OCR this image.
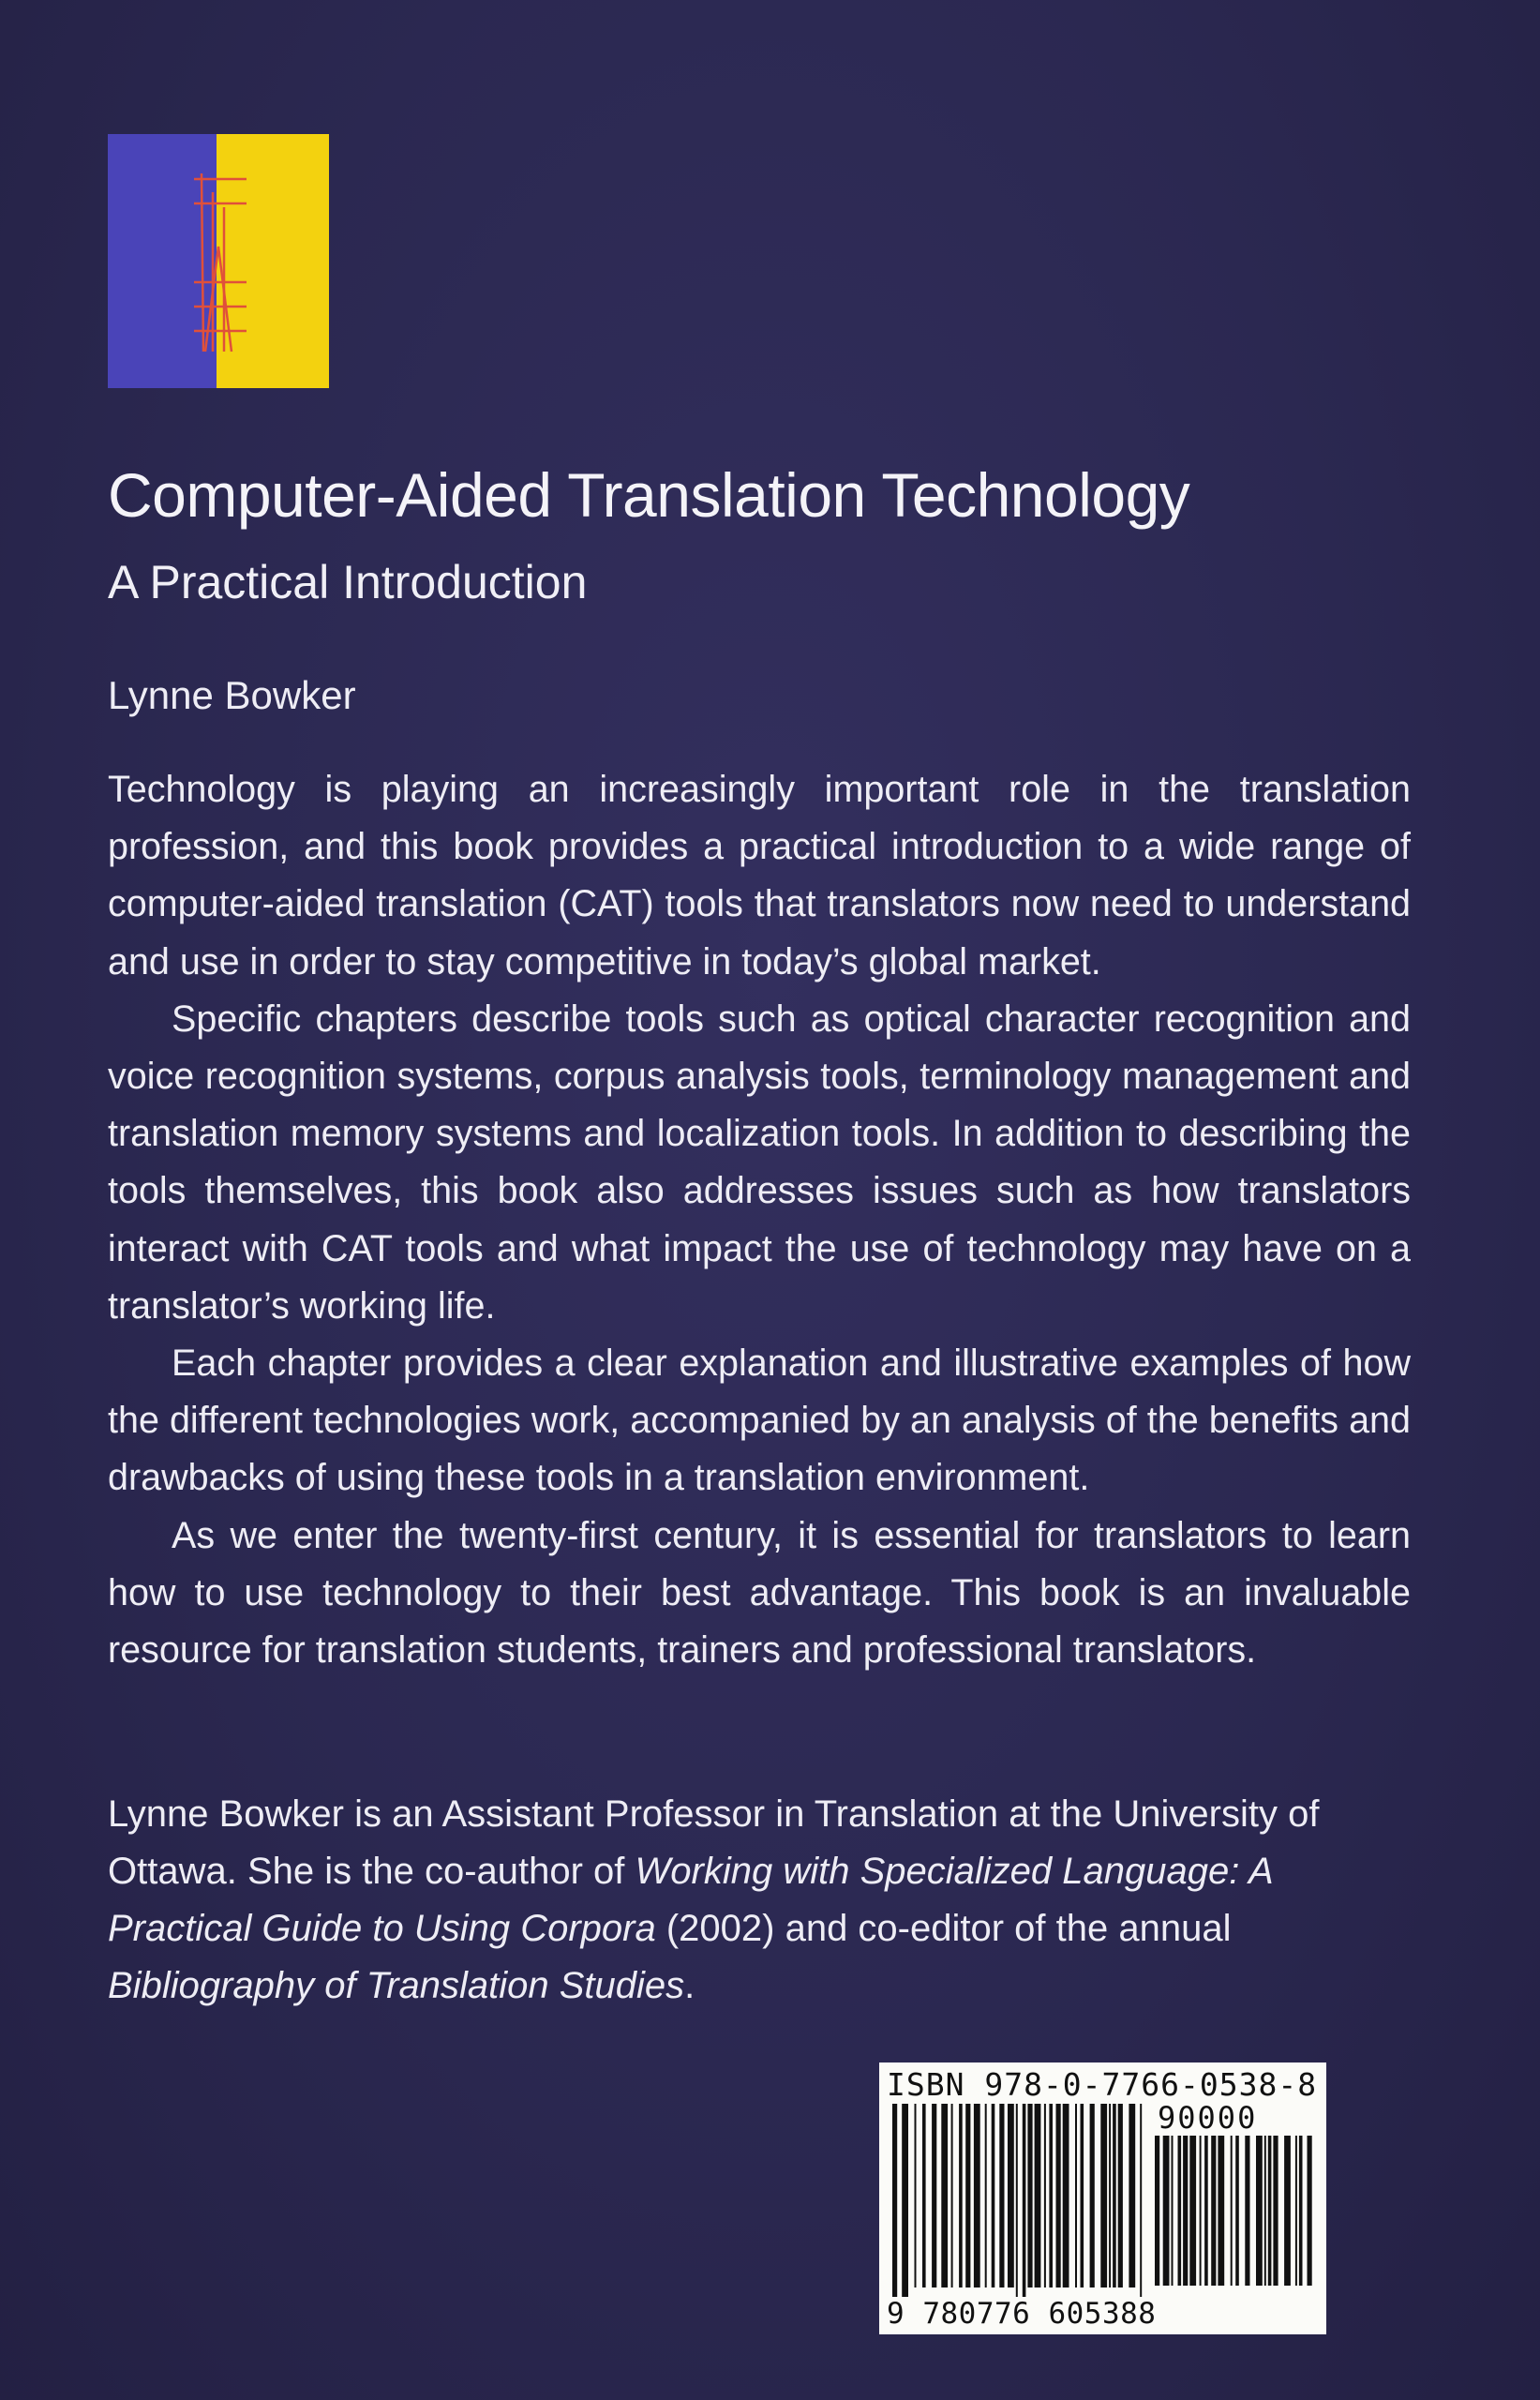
Computer-Aided Translation Technology
A Practical Introduction
Lynne Bowker

Technology is playing an increasingly important role in the translation profession, and this book provides a practical introduction to a wide range of computer-aided translation (CAT) tools that translators now need to understand and use in order to stay competitive in today’s global market.

Specific chapters describe tools such as optical character recognition and voice recognition systems, corpus analysis tools, terminology management and translation memory systems and localization tools. In addition to describing the tools themselves, this book also addresses issues such as how translators interact with CAT tools and what impact the use of technology may have on a translator’s working life.

Each chapter provides a clear explanation and illustrative examples of how the different technologies work, accompanied by an analysis of the benefits and drawbacks of using these tools in a translation environment.

As we enter the twenty-first century, it is essential for translators to learn how to use technology to their best advantage. This book is an invaluable resource for translation students, trainers and professional translators.

Lynne Bowker is an Assistant Professor in Translation at the University of Ottawa. She is the co-author of Working with Specialized Language: A Practical Guide to Using Corpora (2002) and co-editor of the annual Bibliography of Translation Studies.

ISBN 978-0-7766-0538-8
90000
9 780776 605388
